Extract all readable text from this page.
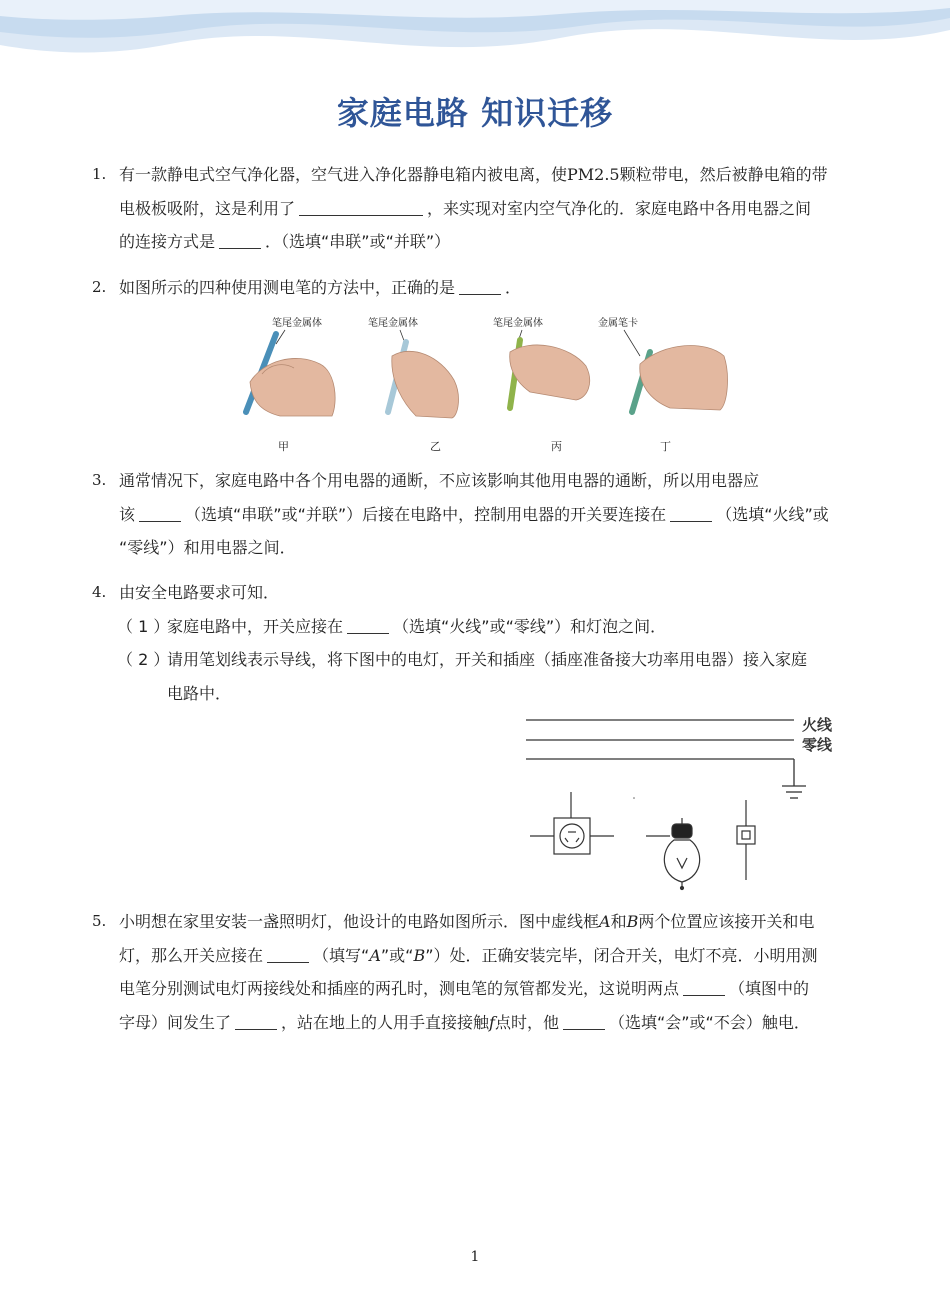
家庭电路 知识迁移
1. 有一款静电式空气净化器，空气进入净化器静电箱内被电离，使PM2.5颗粒带电，然后被静电箱的带
电极板吸附，这是利用了	，来实现对室内空气净化的．家庭电路中各用电器之间
的连接方式是	．（选填“串联”或“并联”）
2. 如图所示的四种使用测电笔的方法中，正确的是	．
笔尾金属体	笔尾金属体	笔尾金属体	金属笔卡
甲	乙	丙	丁
3. 通常情况下，家庭电路中各个用电器的通断，不应该影响其他用电器的通断，所以用电器应
该	（选填“串联”或“并联”）后接在电路中，控制用电器的开关要连接在	（选填“火线”或
“零线”）和用电器之间．
4. 由安全电路要求可知．
（ 1 ）
家庭电路中，开关应接在	（选填“火线”或“零线”）和灯泡之间．
（ 2 ）
请用笔划线表示导线，将下图中的电灯，开关和插座（插座准备接大功率用电器）接入家庭
电路中．
火线
零线
5. 小明想在家里安装一盏照明灯，他设计的电路如图所示．图中虚线框A和B两个位置应该接开关和电
灯，那么开关应接在	（填写“A”或“B”）处．正确安装完毕，闭合开关，电灯不亮．小明用测
电笔分别测试电灯两接线处和插座的两孔时，测电笔的氖管都发光，这说明两点	（填图中的
字母）间发生了	，站在地上的人用手直接接触f点时，他	（选填“会”或“不会）触电．
1
